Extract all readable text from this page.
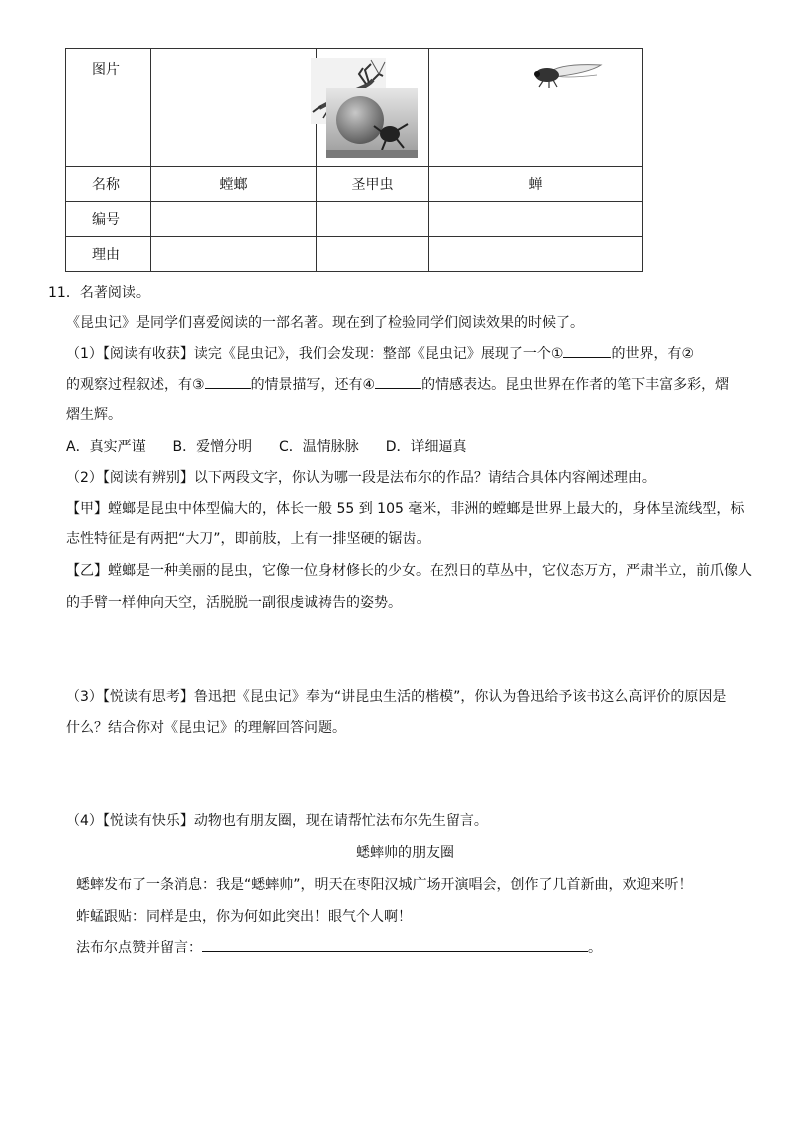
图片	

名称	螳螂	圣甲虫	蝉
编号			
理由			
11．名著阅读。
《昆虫记》是同学们喜爱阅读的一部名著。现在到了检验同学们阅读效果的时候了。
（1）【阅读有收获】读完《昆虫记》，我们会发现：整部《昆虫记》展现了一个①	的世界，有②
的观察过程叙述，有③	的情景描写，还有④	的情感表达。昆虫世界在作者的笔下丰富多彩，熠
熠生辉。
A．真实严谨 B．爱憎分明 C．温情脉脉 D．详细逼真
（2）【阅读有辨别】以下两段文字，你认为哪一段是法布尔的作品？请结合具体内容阐述理由。
【甲】螳螂是昆虫中体型偏大的，体长一般 55 到 105 毫米，非洲的螳螂是世界上最大的，身体呈流线型，标
志性特征是有两把“大刀”，即前肢，上有一排坚硬的锯齿。
【乙】螳螂是一种美丽的昆虫，它像一位身材修长的少女。在烈日的草丛中，它仪态万方，严肃半立，前爪像人
的手臂一样伸向天空，活脱脱一副很虔诚祷告的姿势。
（3）【悦读有思考】鲁迅把《昆虫记》奉为“讲昆虫生活的楷模”，你认为鲁迅给予该书这么高评价的原因是
什么？结合你对《昆虫记》的理解回答问题。
（4）【悦读有快乐】动物也有朋友圈，现在请帮忙法布尔先生留言。
蟋蟀帅的朋友圈
蟋蟀发布了一条消息：我是“蟋蟀帅”，明天在枣阳汉城广场开演唱会，创作了几首新曲，欢迎来听！
蚱蜢跟贴：同样是虫，你为何如此突出！眼气个人啊！
法布尔点赞并留言：	。
